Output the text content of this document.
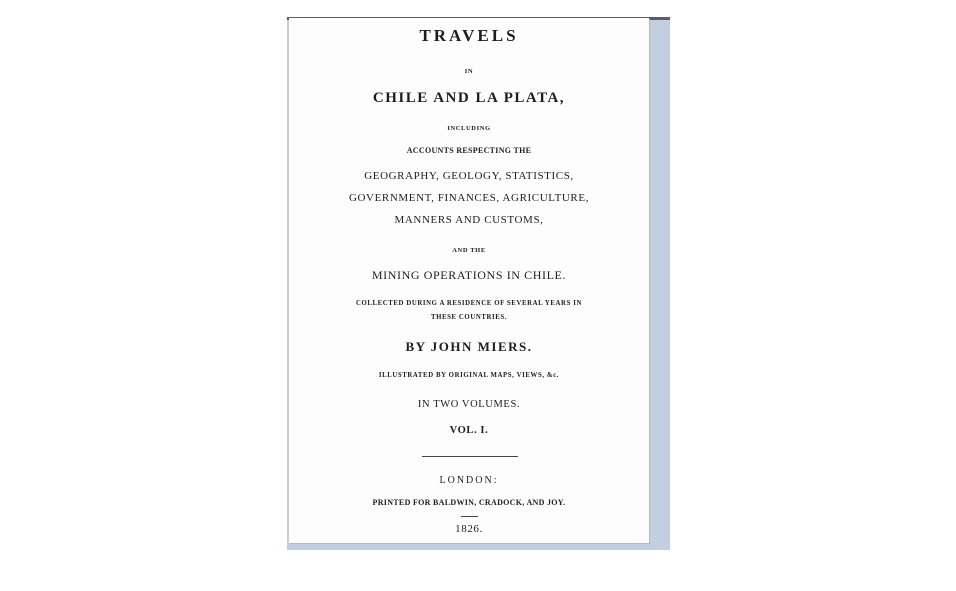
TRAVELS
IN
CHILE AND LA PLATA,
INCLUDING
ACCOUNTS RESPECTING THE
GEOGRAPHY, GEOLOGY, STATISTICS,
GOVERNMENT, FINANCES, AGRICULTURE,
MANNERS AND CUSTOMS,
AND THE
MINING OPERATIONS IN CHILE.
COLLECTED DURING A RESIDENCE OF SEVERAL YEARS IN
THESE COUNTRIES.
BY JOHN MIERS.
ILLUSTRATED BY ORIGINAL MAPS, VIEWS, &c.
IN TWO VOLUMES.
VOL. I.
LONDON:
PRINTED FOR BALDWIN, CRADOCK, AND JOY.
1826.
